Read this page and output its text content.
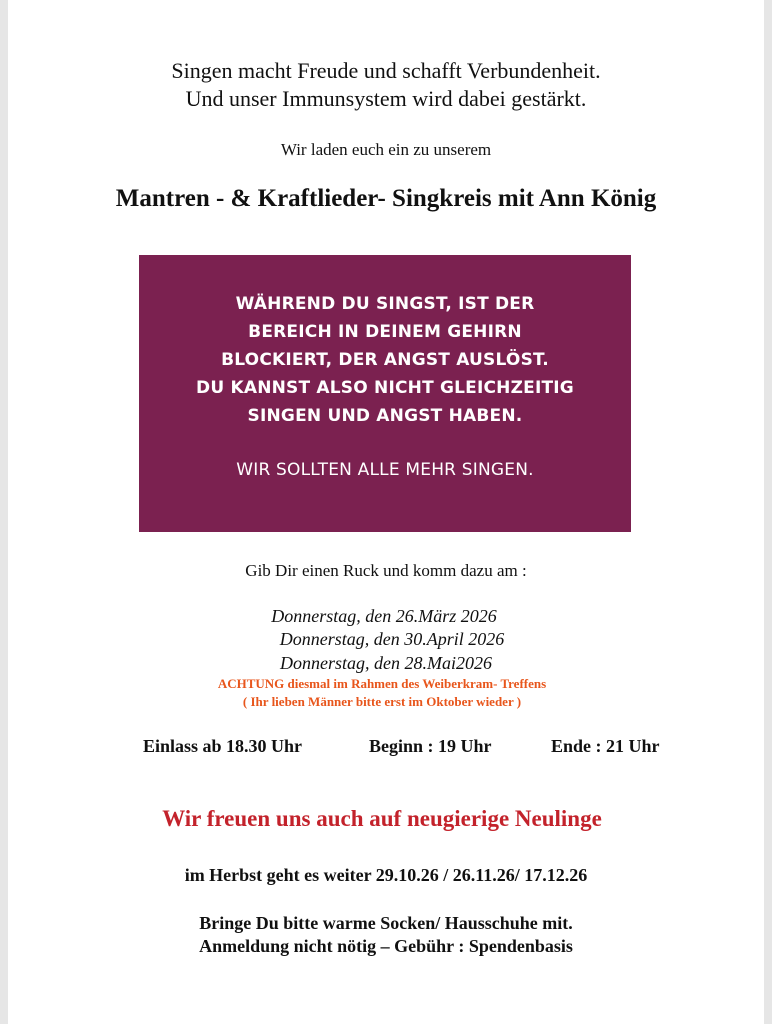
Singen macht Freude und schafft Verbundenheit.
Und unser Immunsystem wird dabei gestärkt.
Wir laden euch ein zu unserem
Mantren - & Kraftlieder- Singkreis mit Ann König
WÄHREND DU SINGST, IST DER
BEREICH IN DEINEM GEHIRN
BLOCKIERT, DER ANGST AUSLÖST.
DU KANNST ALSO NICHT GLEICHZEITIG
SINGEN UND ANGST HABEN.
WIR SOLLTEN ALLE MEHR SINGEN.
Gib Dir einen Ruck und komm dazu am :
Donnerstag, den 26.März 2026
Donnerstag, den 30.April 2026
Donnerstag, den 28.Mai2026
ACHTUNG diesmal im Rahmen des Weiberkram- Treffens
( Ihr lieben Männer bitte erst im Oktober wieder )
Einlass ab 18.30 Uhr	Beginn : 19 Uhr	Ende : 21 Uhr
Wir freuen uns auch auf neugierige Neulinge
im Herbst geht es weiter 29.10.26 / 26.11.26/ 17.12.26
Bringe Du bitte warme Socken/ Hausschuhe mit.
Anmeldung nicht nötig – Gebühr : Spendenbasis
